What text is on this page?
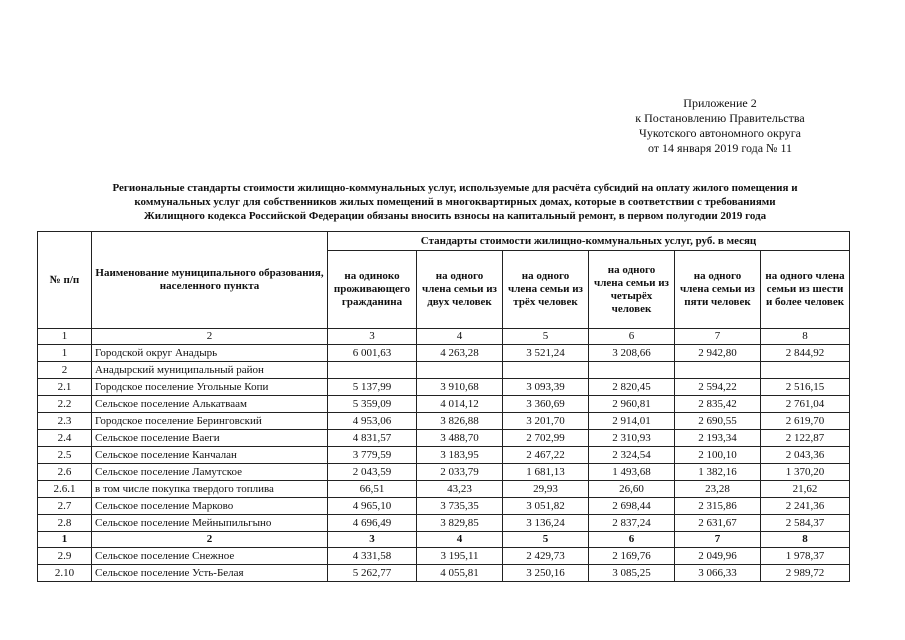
Приложение 2
к Постановлению Правительства
Чукотского автономного округа
от 14 января 2019 года № 11
Региональные стандарты стоимости жилищно-коммунальных услуг, используемые для расчёта субсидий на оплату жилого помещения и
коммунальных услуг для собственников жилых помещений в многоквартирных домах, которые в соответствии с требованиями
Жилищного кодекса Российской Федерации обязаны вносить взносы на капитальный ремонт, в первом полугодии 2019 года
№ п/п	Наименование муниципального образования, населенного пункта	Стандарты стоимости жилищно-коммунальных услуг, руб. в месяц					
		на одиноко проживающего гражданина	на одного члена семьи из двух человек	на одного члена семьи из трёх человек	на одного члена семьи из четырёх человек	на одного члена семьи из пяти человек	на одного члена семьи из шести и более человек
1	2	3	4	5	6	7	8
1	Городской округ Анадырь	6 001,63	4 263,28	3 521,24	3 208,66	2 942,80	2 844,92
2	Анадырский муниципальный район						
2.1	Городское поселение Угольные Копи	5 137,99	3 910,68	3 093,39	2 820,45	2 594,22	2 516,15
2.2	Сельское поселение Алькатваам	5 359,09	4 014,12	3 360,69	2 960,81	2 835,42	2 761,04
2.3	Городское поселение Беринговский	4 953,06	3 826,88	3 201,70	2 914,01	2 690,55	2 619,70
2.4	Сельское поселение Ваеги	4 831,57	3 488,70	2 702,99	2 310,93	2 193,34	2 122,87
2.5	Сельское поселение Канчалан	3 779,59	3 183,95	2 467,22	2 324,54	2 100,10	2 043,36
2.6	Сельское поселение Ламутское	2 043,59	2 033,79	1 681,13	1 493,68	1 382,16	1 370,20
2.6.1	в том числе покупка твердого топлива	66,51	43,23	29,93	26,60	23,28	21,62
2.7	Сельское поселение Марково	4 965,10	3 735,35	3 051,82	2 698,44	2 315,86	2 241,36
2.8	Сельское поселение Мейныпильгыно	4 696,49	3 829,85	3 136,24	2 837,24	2 631,67	2 584,37
1	2	3	4	5	6	7	8
2.9	Сельское поселение Снежное	4 331,58	3 195,11	2 429,73	2 169,76	2 049,96	1 978,37
2.10	Сельское поселение Усть-Белая	5 262,77	4 055,81	3 250,16	3 085,25	3 066,33	2 989,72
